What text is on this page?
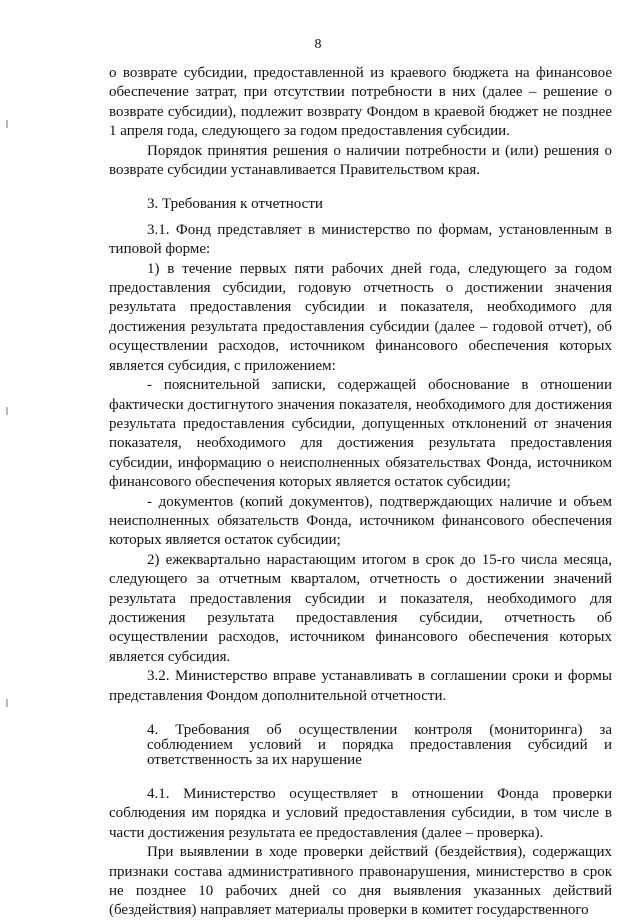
8

о возврате субсидии, предоставленной из краевого бюджета на финансовое обеспечение затрат, при отсутствии потребности в них (далее – решение о возврате субсидии), подлежит возврату Фондом в краевой бюджет не позднее 1 апреля года, следующего за годом предоставления субсидии.

Порядок принятия решения о наличии потребности и (или) решения о возврате субсидии устанавливается Правительством края.

3. Требования к отчетности

3.1. Фонд представляет в министерство по формам, установленным в типовой форме:

1) в течение первых пяти рабочих дней года, следующего за годом предоставления субсидии, годовую отчетность о достижении значения результата предоставления субсидии и показателя, необходимого для достижения результата предоставления субсидии (далее – годовой отчет), об осуществлении расходов, источником финансового обеспечения которых является субсидия, с приложением:

- пояснительной записки, содержащей обоснование в отношении фактически достигнутого значения показателя, необходимого для достижения результата предоставления субсидии, допущенных отклонений от значения показателя, необходимого для достижения результата предоставления субсидии, информацию о неисполненных обязательствах Фонда, источником финансового обеспечения которых является остаток субсидии;

- документов (копий документов), подтверждающих наличие и объем неисполненных обязательств Фонда, источником финансового обеспечения которых является остаток субсидии;

2) ежеквартально нарастающим итогом в срок до 15-го числа месяца, следующего за отчетным кварталом, отчетность о достижении значений результата предоставления субсидии и показателя, необходимого для достижения результата предоставления субсидии, отчетность об осуществлении расходов, источником финансового обеспечения которых является субсидия.

3.2. Министерство вправе устанавливать в соглашении сроки и формы представления Фондом дополнительной отчетности.

4. Требования об осуществлении контроля (мониторинга) за соблюдением условий и порядка предоставления субсидий и ответственность за их нарушение

4.1. Министерство осуществляет в отношении Фонда проверки соблюдения им порядка и условий предоставления субсидии, в том числе в части достижения результата ее предоставления (далее – проверка).

При выявлении в ходе проверки действий (бездействия), содержащих признаки состава административного правонарушения, министерство в срок не позднее 10 рабочих дней со дня выявления указанных действий (бездействия) направляет материалы проверки в комитет государственного
